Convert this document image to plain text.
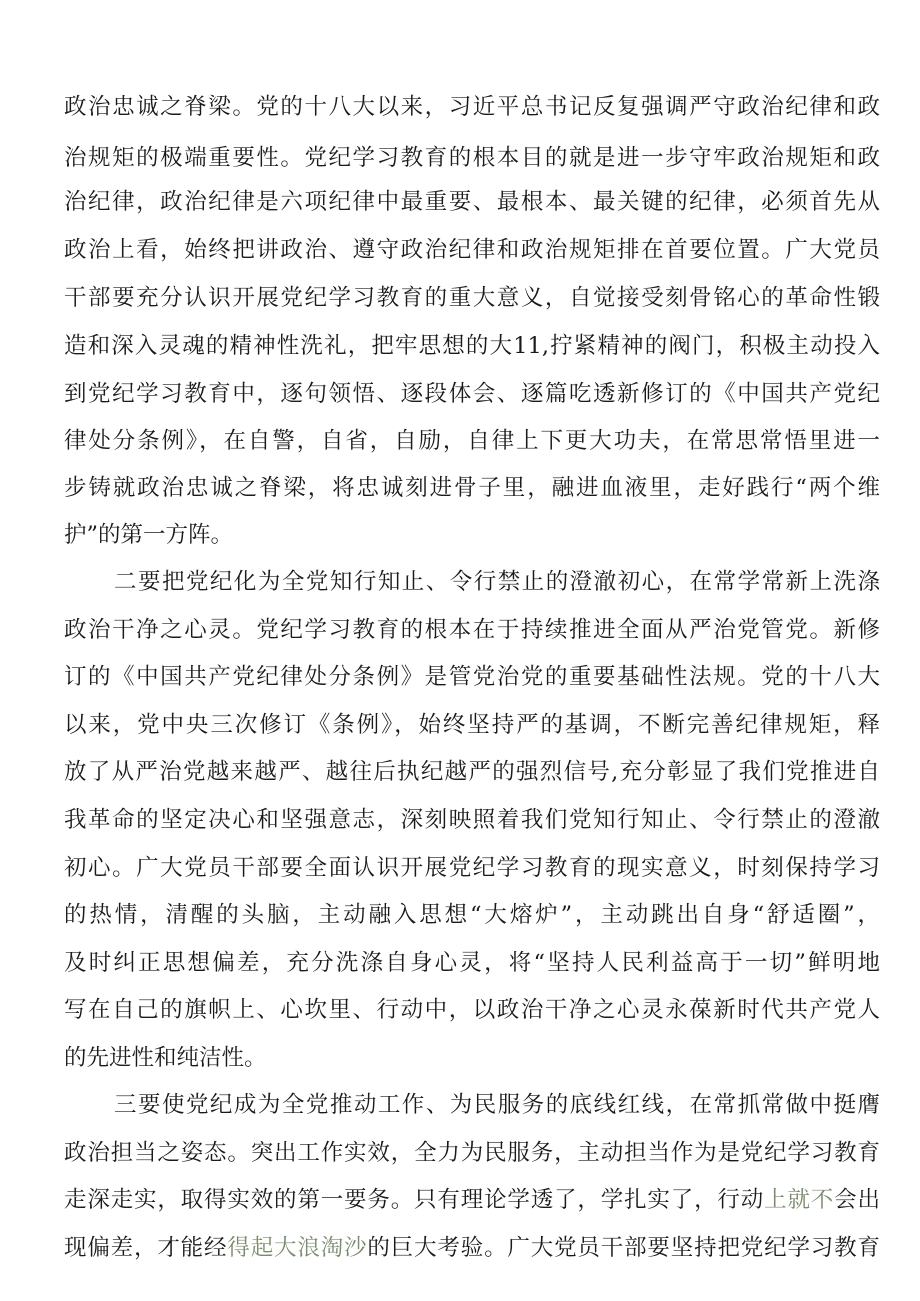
政治忠诚之脊梁。党的十八大以来，习近平总书记反复强调严守政治纪律和政
治规矩的极端重要性。党纪学习教育的根本目的就是进一步守牢政治规矩和政
治纪律，政治纪律是六项纪律中最重要、最根本、最关键的纪律，必须首先从
政治上看，始终把讲政治、遵守政治纪律和政治规矩排在首要位置。广大党员
干部要充分认识开展党纪学习教育的重大意义，自觉接受刻骨铭心的革命性锻
造和深入灵魂的精神性洗礼，把牢思想的大11,拧紧精神的阀门，积极主动投入
到党纪学习教育中，逐句领悟、逐段体会、逐篇吃透新修订的《中国共产党纪
律处分条例》，在自警，自省，自励，自律上下更大功夫，在常思常悟里进一
步铸就政治忠诚之脊梁，将忠诚刻进骨子里，融进血液里，走好践行“两个维
护”的第一方阵。
二要把党纪化为全党知行知止、令行禁止的澄澈初心，在常学常新上洗涤
政治干净之心灵。党纪学习教育的根本在于持续推进全面从严治党管党。新修
订的《中国共产党纪律处分条例》是管党治党的重要基础性法规。党的十八大
以来，党中央三次修订《条例》，始终坚持严的基调，不断完善纪律规矩，释
放了从严治党越来越严、越往后执纪越严的强烈信号,充分彰显了我们党推进自
我革命的坚定决心和坚强意志，深刻映照着我们党知行知止、令行禁止的澄澈
初心。广大党员干部要全面认识开展党纪学习教育的现实意义，时刻保持学习
的热情，清醒的头脑，主动融入思想“大熔炉”，主动跳出自身“舒适圈”，
及时纠正思想偏差，充分洗涤自身心灵，将“坚持人民利益高于一切”鲜明地
写在自己的旗帜上、心坎里、行动中，以政治干净之心灵永葆新时代共产党人
的先进性和纯洁性。
三要使党纪成为全党推动工作、为民服务的底线红线，在常抓常做中挺膺
政治担当之姿态。突出工作实效，全力为民服务，主动担当作为是党纪学习教育
走深走实，取得实效的第一要务。只有理论学透了，学扎实了，行动上就不会出
现偏差，才能经得起大浪淘沙的巨大考验。广大党员干部要坚持把党纪学习教育
